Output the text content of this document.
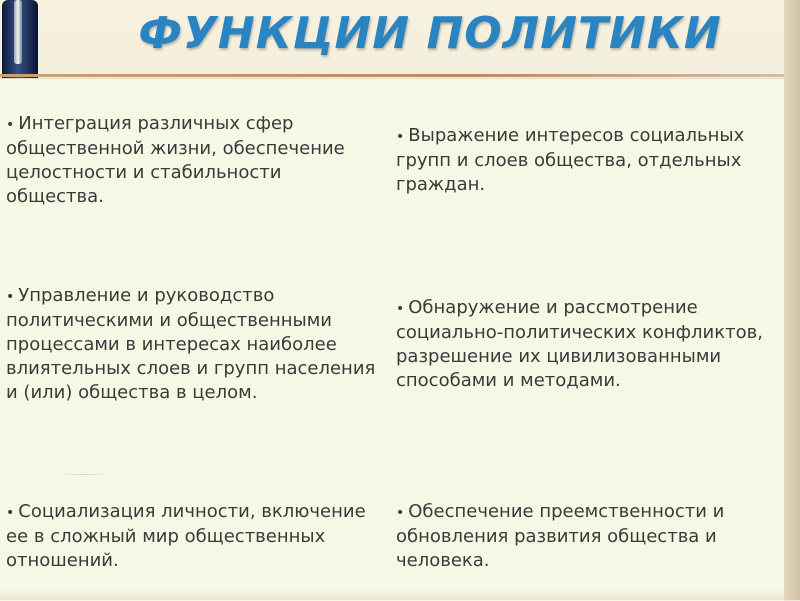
ФУНКЦИИ ПОЛИТИКИ
• Интеграция различных сфер общественной жизни, обеспечение целостности и стабильности общества.
• Управление и руководство политическими и общественными процессами в интересах наиболее влиятельных слоев и групп населения и (или) общества в целом.
• Социализация личности, включение ее в сложный мир общественных отношений.
• Выражение интересов социальных групп и слоев общества, отдельных граждан.
• Обнаружение и рассмотрение социально-политических конфликтов, разрешение их цивилизованными способами и методами.
• Обеспечение преемственности и обновления развития общества и человека.
